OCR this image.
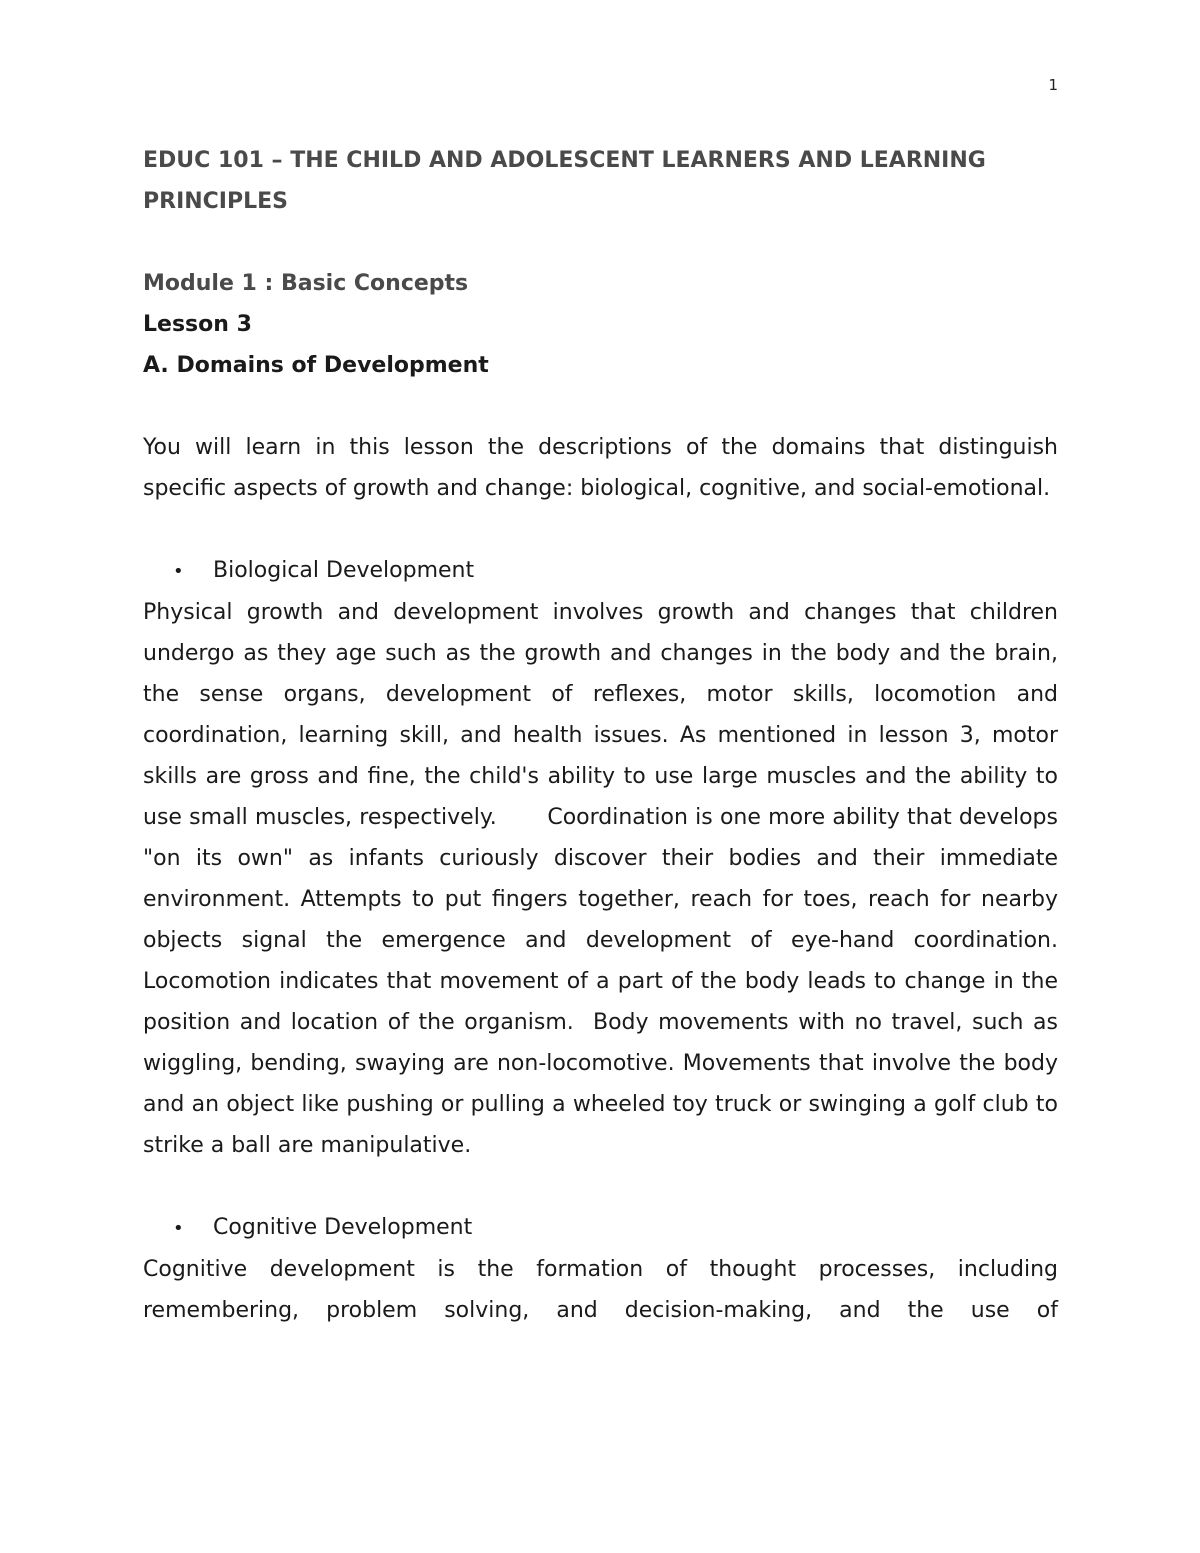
1

EDUC 101 – THE CHILD AND ADOLESCENT LEARNERS AND LEARNING PRINCIPLES

Module 1 : Basic Concepts

Lesson 3

A. Domains of Development

You will learn in this lesson the descriptions of the domains that distinguish specific aspects of growth and change: biological, cognitive, and social-emotional.

•	Biological Development

Physical growth and development involves growth and changes that children undergo as they age such as the growth and changes in the body and the brain, the sense organs, development of reflexes, motor skills, locomotion and coordination, learning skill, and health issues. As mentioned in lesson 3, motor skills are gross and fine, the child's ability to use large muscles and the ability to use small muscles, respectively.       Coordination is one more ability that develops "on its own" as infants curiously discover their bodies and their immediate environment. Attempts to put fingers together, reach for toes, reach for nearby objects signal the emergence and development of eye-hand coordination.      Locomotion indicates that movement of a part of the body leads to change in the position and location of the organism.  Body movements with no travel, such as wiggling, bending, swaying are non-locomotive. Movements that involve the body and an object like pushing or pulling a wheeled toy truck or swinging a golf club to strike a ball are manipulative.

•	Cognitive Development

Cognitive development is the formation of thought processes, including remembering, problem solving, and decision-making, and the use of
